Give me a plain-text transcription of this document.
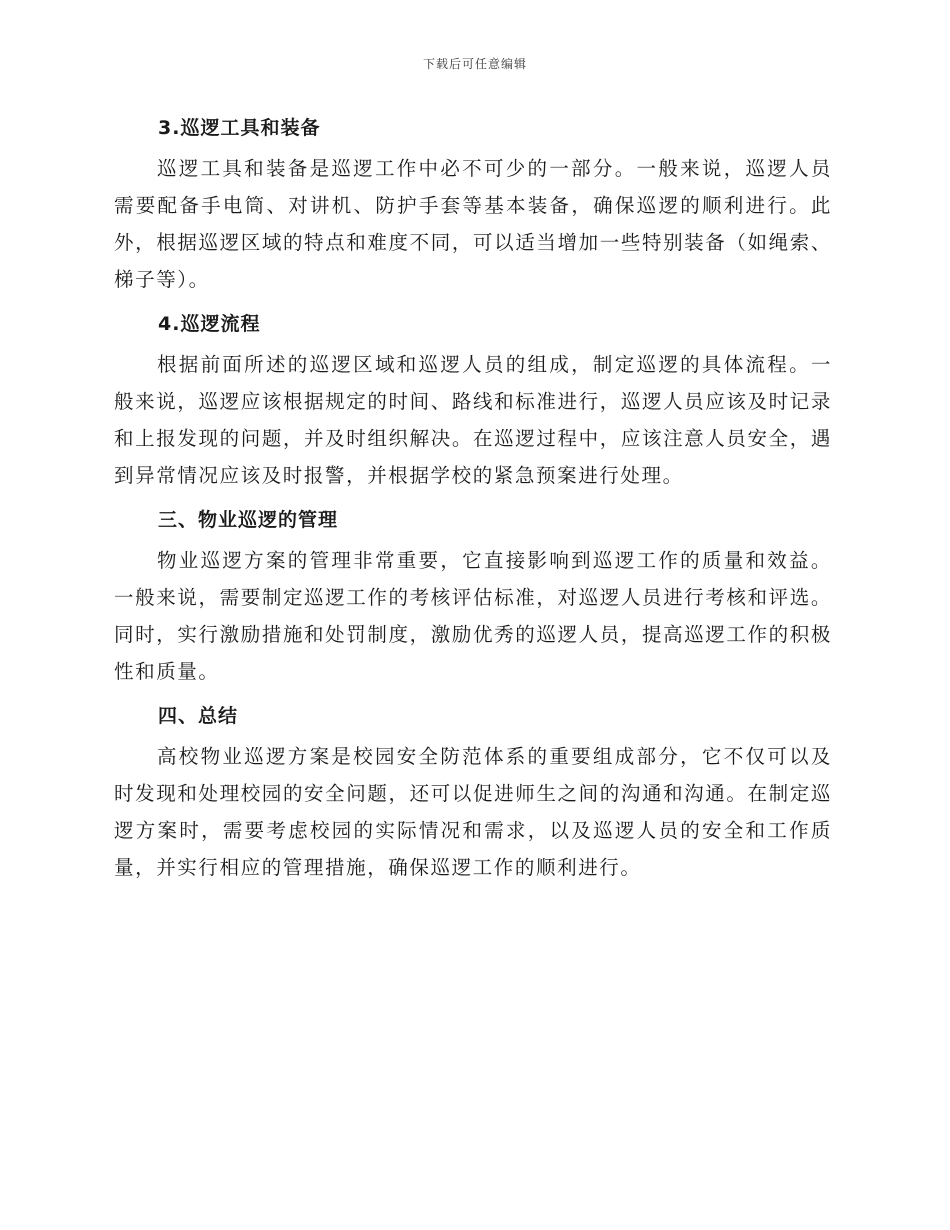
下载后可任意编辑
3.巡逻工具和装备

巡逻工具和装备是巡逻工作中必不可少的一部分。一般来说，巡逻人员需要配备手电筒、对讲机、防护手套等基本装备，确保巡逻的顺利进行。此外，根据巡逻区域的特点和难度不同，可以适当增加一些特别装备（如绳索、梯子等）。

4.巡逻流程

根据前面所述的巡逻区域和巡逻人员的组成，制定巡逻的具体流程。一般来说，巡逻应该根据规定的时间、路线和标准进行，巡逻人员应该及时记录和上报发现的问题，并及时组织解决。在巡逻过程中，应该注意人员安全，遇到异常情况应该及时报警，并根据学校的紧急预案进行处理。

三、物业巡逻的管理

物业巡逻方案的管理非常重要，它直接影响到巡逻工作的质量和效益。一般来说，需要制定巡逻工作的考核评估标准，对巡逻人员进行考核和评选。同时，实行激励措施和处罚制度，激励优秀的巡逻人员，提高巡逻工作的积极性和质量。

四、总结

高校物业巡逻方案是校园安全防范体系的重要组成部分，它不仅可以及时发现和处理校园的安全问题，还可以促进师生之间的沟通和沟通。在制定巡逻方案时，需要考虑校园的实际情况和需求，以及巡逻人员的安全和工作质量，并实行相应的管理措施，确保巡逻工作的顺利进行。
